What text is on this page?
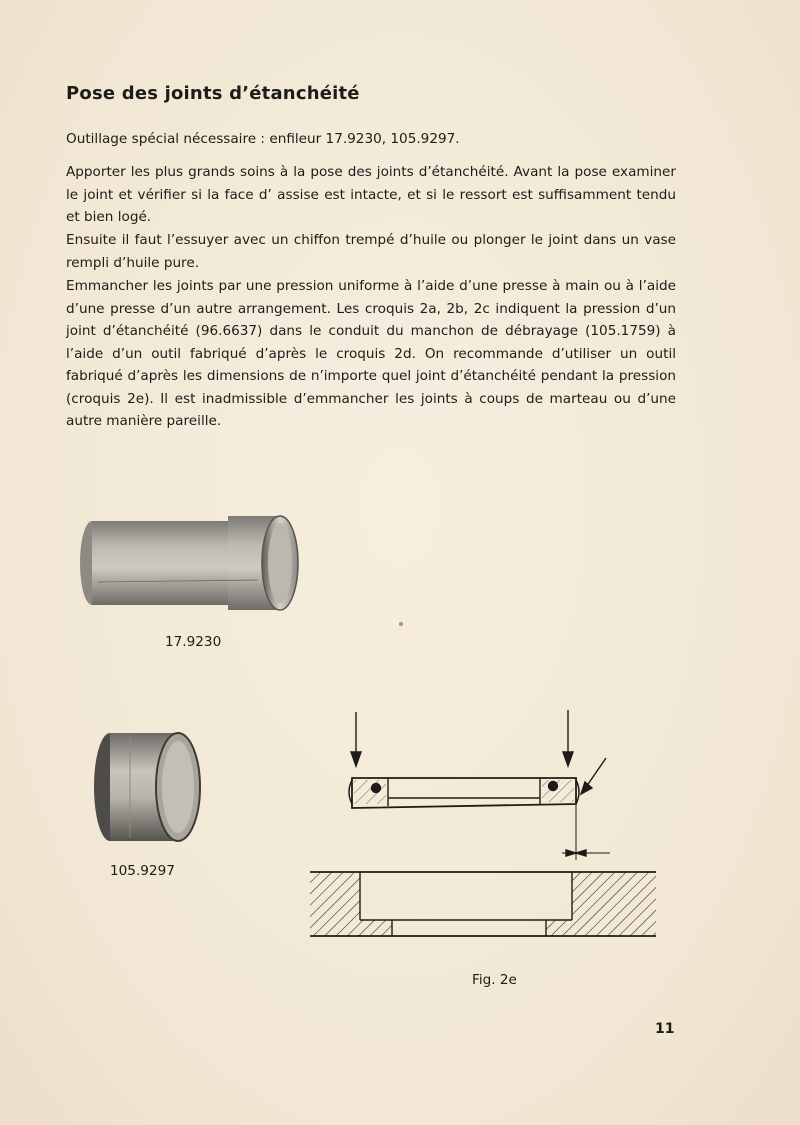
Pose des joints d’étanchéité

Outillage spécial nécessaire : enfileur 17.9230, 105.9297.

Apporter les plus grands soins à la pose des joints d’étanchéité. Avant la pose examiner le joint et vérifier si la face d’ assise est intacte, et si le ressort est suffisamment tendu et bien logé.

Ensuite il faut l’essuyer avec un chiffon trempé d’huile ou plonger le joint dans un vase rempli d’huile pure.

Emmancher les joints par une pression uniforme à l’aide d’une presse à main ou à l’aide d’une presse d’un autre arrangement. Les croquis 2a, 2b, 2c indiquent la pression d’un joint d’étanchéité (96.6637) dans le conduit du manchon de débrayage (105.1759) à l’aide d’un outil fabriqué d’après le croquis 2d. On recommande d’utiliser un outil fabriqué d’après les dimensions de n’importe quel joint d’étanchéité pendant la pression (croquis 2e). Il est inadmissible d’emmancher les joints à coups de marteau ou d’une autre manière pareille.

17.9230

105.9297

Fig. 2e

11
